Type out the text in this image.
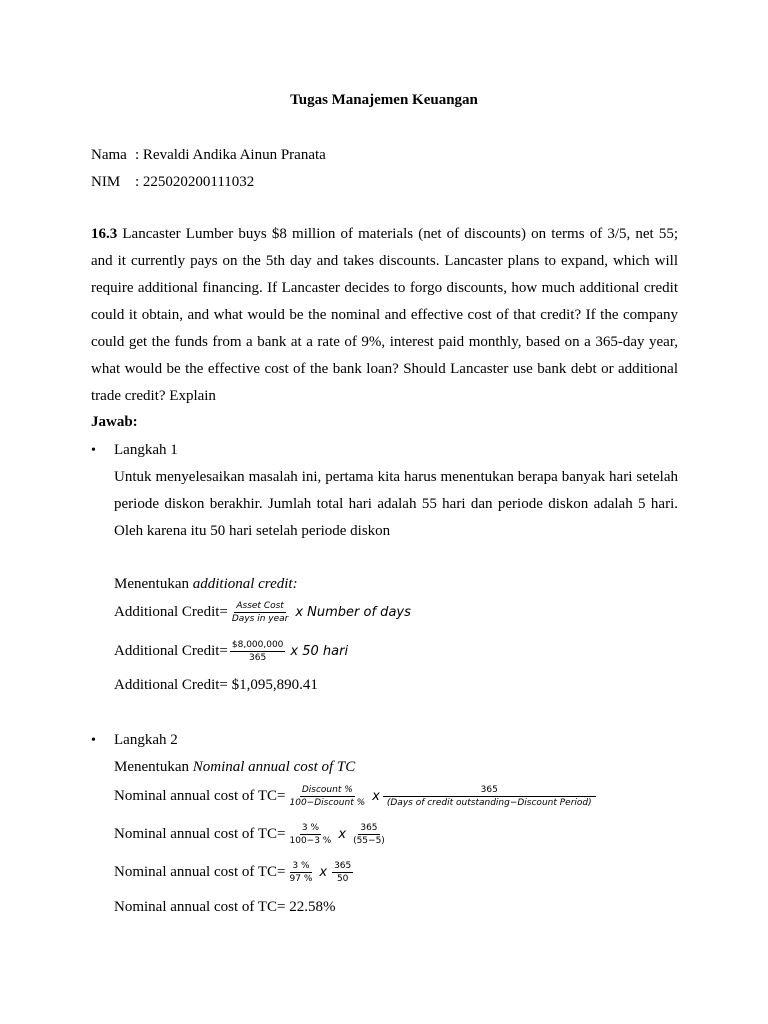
Tugas Manajemen Keuangan
Nama : Revaldi Andika Ainun Pranata
NIM : 225020200111032
16.3 Lancaster Lumber buys $8 million of materials (net of discounts) on terms of 3/5, net 55; and it currently pays on the 5th day and takes discounts. Lancaster plans to expand, which will require additional financing. If Lancaster decides to forgo discounts, how much additional credit could it obtain, and what would be the nominal and effective cost of that credit? If the company could get the funds from a bank at a rate of 9%, interest paid monthly, based on a 365-day year, what would be the effective cost of the bank loan? Should Lancaster use bank debt or additional trade credit? Explain
Jawab:
• Langkah 1
Untuk menyelesaikan masalah ini, pertama kita harus menentukan berapa banyak hari setelah periode diskon berakhir. Jumlah total hari adalah 55 hari dan periode diskon adalah 5 hari. Oleh karena itu 50 hari setelah periode diskon
Menentukan additional credit:
Additional Credit= $\frac{\text{Asset Cost}}{\text{Days in year}}$ x Number of days
Additional Credit= $\frac{\$8,000,000}{365}$ x 50 hari
Additional Credit= $1,095,890.41
• Langkah 2
Menentukan Nominal annual cost of TC
Nominal annual cost of $TC= \frac{\text{Discount \%}}{\text{100−Discount \%}}$ x $\frac{365}{\text{(Days of credit outstanding−Discount Period)}}$
Nominal annual cost of $TC= \frac{3 \%}{100-3 \%}$ x $\frac{365}{(55-5)}$
Nominal annual cost of $TC= \frac{3 \%}{97 \%}$ x $\frac{365}{50}$
Nominal annual cost of TC= 22.58%
